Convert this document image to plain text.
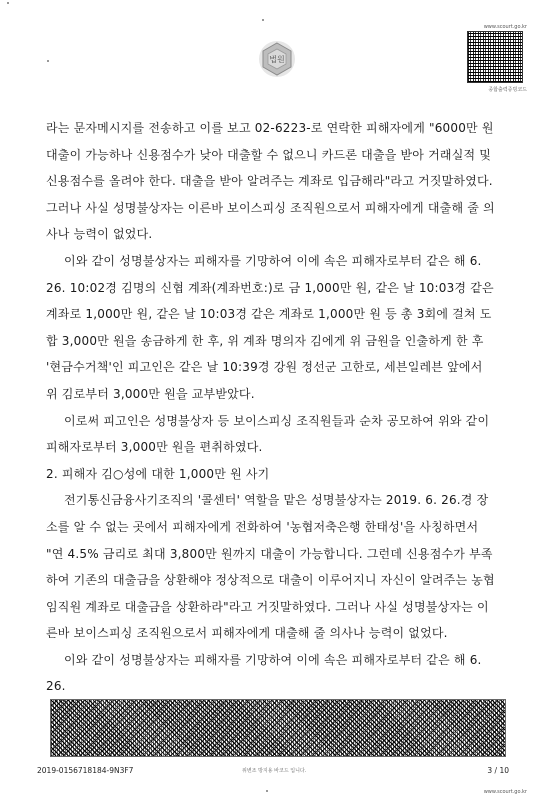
www.scourt.go.kr
종합출력증빙코드
법원

라는 문자메시지를 전송하고 이를 보고 02-6223-로 연락한 피해자에게 "6000만 원 대출이 가능하나 신용점수가 낮아 대출할 수 없으니 카드론 대출을 받아 거래실적 및 신용점수를 올려야 한다. 대출을 받아 알려주는 계좌로 입금해라"라고 거짓말하였다. 그러나 사실 성명불상자는 이른바 보이스피싱 조직원으로서 피해자에게 대출해 줄 의사나 능력이 없었다.

이와 같이 성명불상자는 피해자를 기망하여 이에 속은 피해자로부터 같은 해 6. 26. 10:02경 김명의 신협 계좌(계좌번호:)로 금 1,000만 원, 같은 날 10:03경 같은 계좌로 1,000만 원, 같은 날 10:03경 같은 계좌로 1,000만 원 등 총 3회에 걸쳐 도합 3,000만 원을 송금하게 한 후, 위 계좌 명의자 김에게 위 금원을 인출하게 한 후 '현금수거책'인 피고인은 같은 날 10:39경 강원 정선군 고한로, 세븐일레븐 앞에서 위 김로부터 3,000만 원을 교부받았다.

이로써 피고인은 성명불상자 등 보이스피싱 조직원들과 순차 공모하여 위와 같이 피해자로부터 3,000만 원을 편취하였다.

2. 피해자 김○성에 대한 1,000만 원 사기

전기통신금융사기조직의 '콜센터' 역할을 맡은 성명불상자는 2019. 6. 26.경 장소를 알 수 없는 곳에서 피해자에게 전화하여 '농협저축은행 한태성'을 사칭하면서 "연 4.5% 금리로 최대 3,800만 원까지 대출이 가능합니다. 그런데 신용점수가 부족하여 기존의 대출금을 상환해야 정상적으로 대출이 이루어지니 자신이 알려주는 농협 임직원 계좌로 대출금을 상환하라"라고 거짓말하였다. 그러나 사실 성명불상자는 이른바 보이스피싱 조직원으로서 피해자에게 대출해 줄 의사나 능력이 없었다.

이와 같이 성명불상자는 피해자를 기망하여 이에 속은 피해자로부터 같은 해 6. 26.

2019-0156718184-9N3F7	위변조 방지용 바코드 입니다.	3 / 10
www.scourt.go.kr
